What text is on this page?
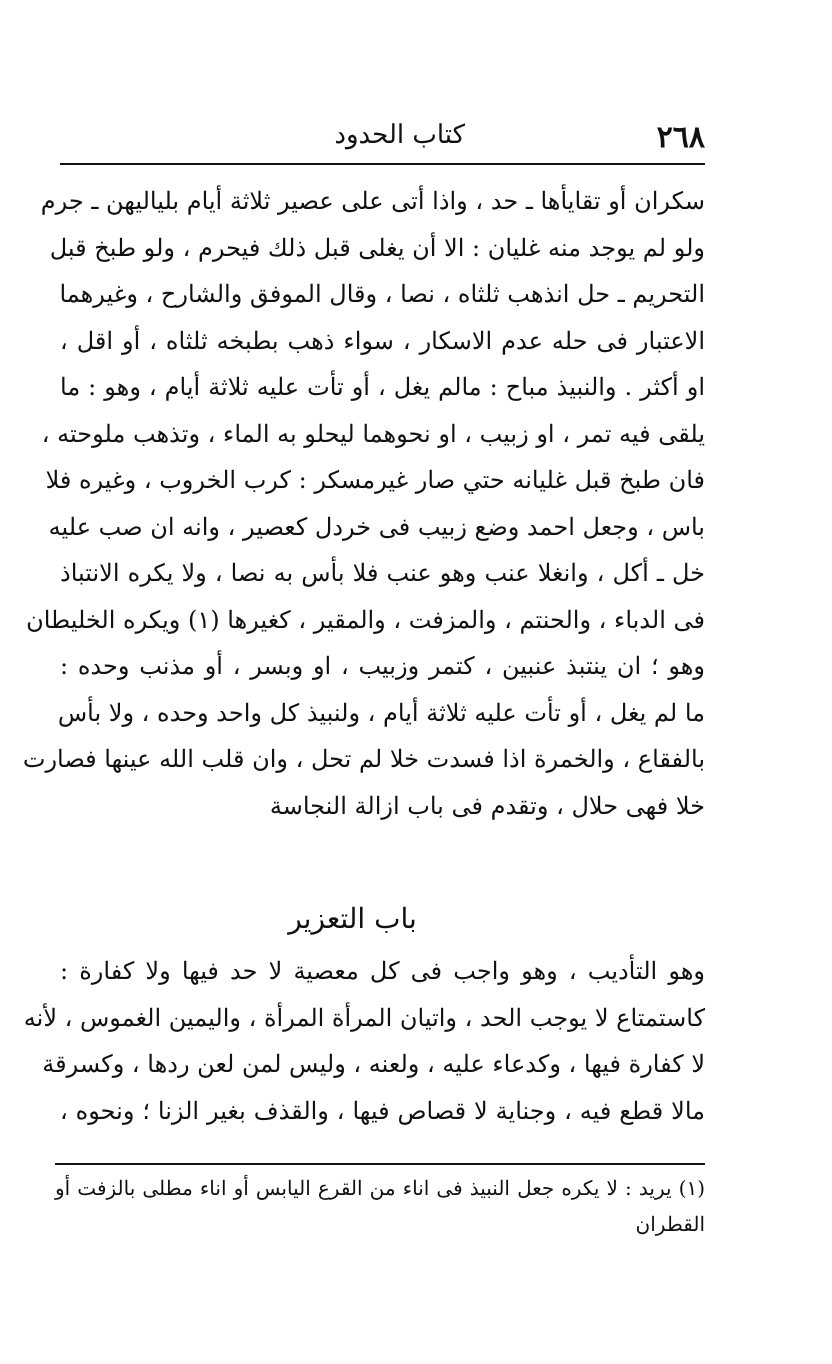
٢٦٨
كتاب الحدود
سكران أو تقايأها ـ حد ، واذا أتى على عصير ثلاثة أيام بلياليهن ـ جرم
ولو لم يوجد منه غليان : الا أن يغلى قبل ذلك فيحرم ، ولو طبخ قبل
التحريم ـ حل انذهب ثلثاه ، نصا ، وقال الموفق والشارح ، وغيرهما
الاعتبار فى حله عدم الاسكار ، سواء ذهب بطبخه ثلثاه ، أو اقل ،
او أكثر . والنبيذ مباح : مالم يغل ، أو تأت عليه ثلاثة أيام ، وهو : ما
يلقى فيه تمر ، او زبيب ، او نحوهما ليحلو به الماء ، وتذهب ملوحته ،
فان طبخ قبل غليانه حتي صار غيرمسكر : كرب الخروب ، وغيره فلا
باس ، وجعل احمد وضع زبيب فى خردل كعصير ، وانه ان صب عليه
خل ـ أكل ، وانغلا عنب وهو عنب فلا بأس به نصا ، ولا يكره الانتباذ
فى الدباء ، والحنتم ، والمزفت ، والمقير ، كغيرها (١) ويكره الخليطان
وهو ؛ ان ينتبذ عنبين ، كتمر وزبيب ، او وبسر ، أو مذنب وحده :
ما لم يغل ، أو تأت عليه ثلاثة أيام ، ولنبيذ كل واحد وحده ، ولا بأس
بالفقاع ، والخمرة اذا فسدت خلا لم تحل ، وان قلب الله عينها فصارت
خلا فهى حلال ، وتقدم فى باب ازالة النجاسة
باب التعزير
وهو التأديب ، وهو واجب فى كل معصية لا حد فيها ولا كفارة :
كاستمتاع لا يوجب الحد ، واتيان المرأة المرأة ، واليمين الغموس ، لأنه
لا كفارة فيها ، وكدعاء عليه ، ولعنه ، وليس لمن لعن ردها ، وكسرقة
مالا قطع فيه ، وجناية لا قصاص فيها ، والقذف بغير الزنا ؛ ونحوه ،
(١) يريد : لا يكره جعل النبيذ فى اناء من القرع اليابس أو اناء مطلى بالزفت أو
القطران
